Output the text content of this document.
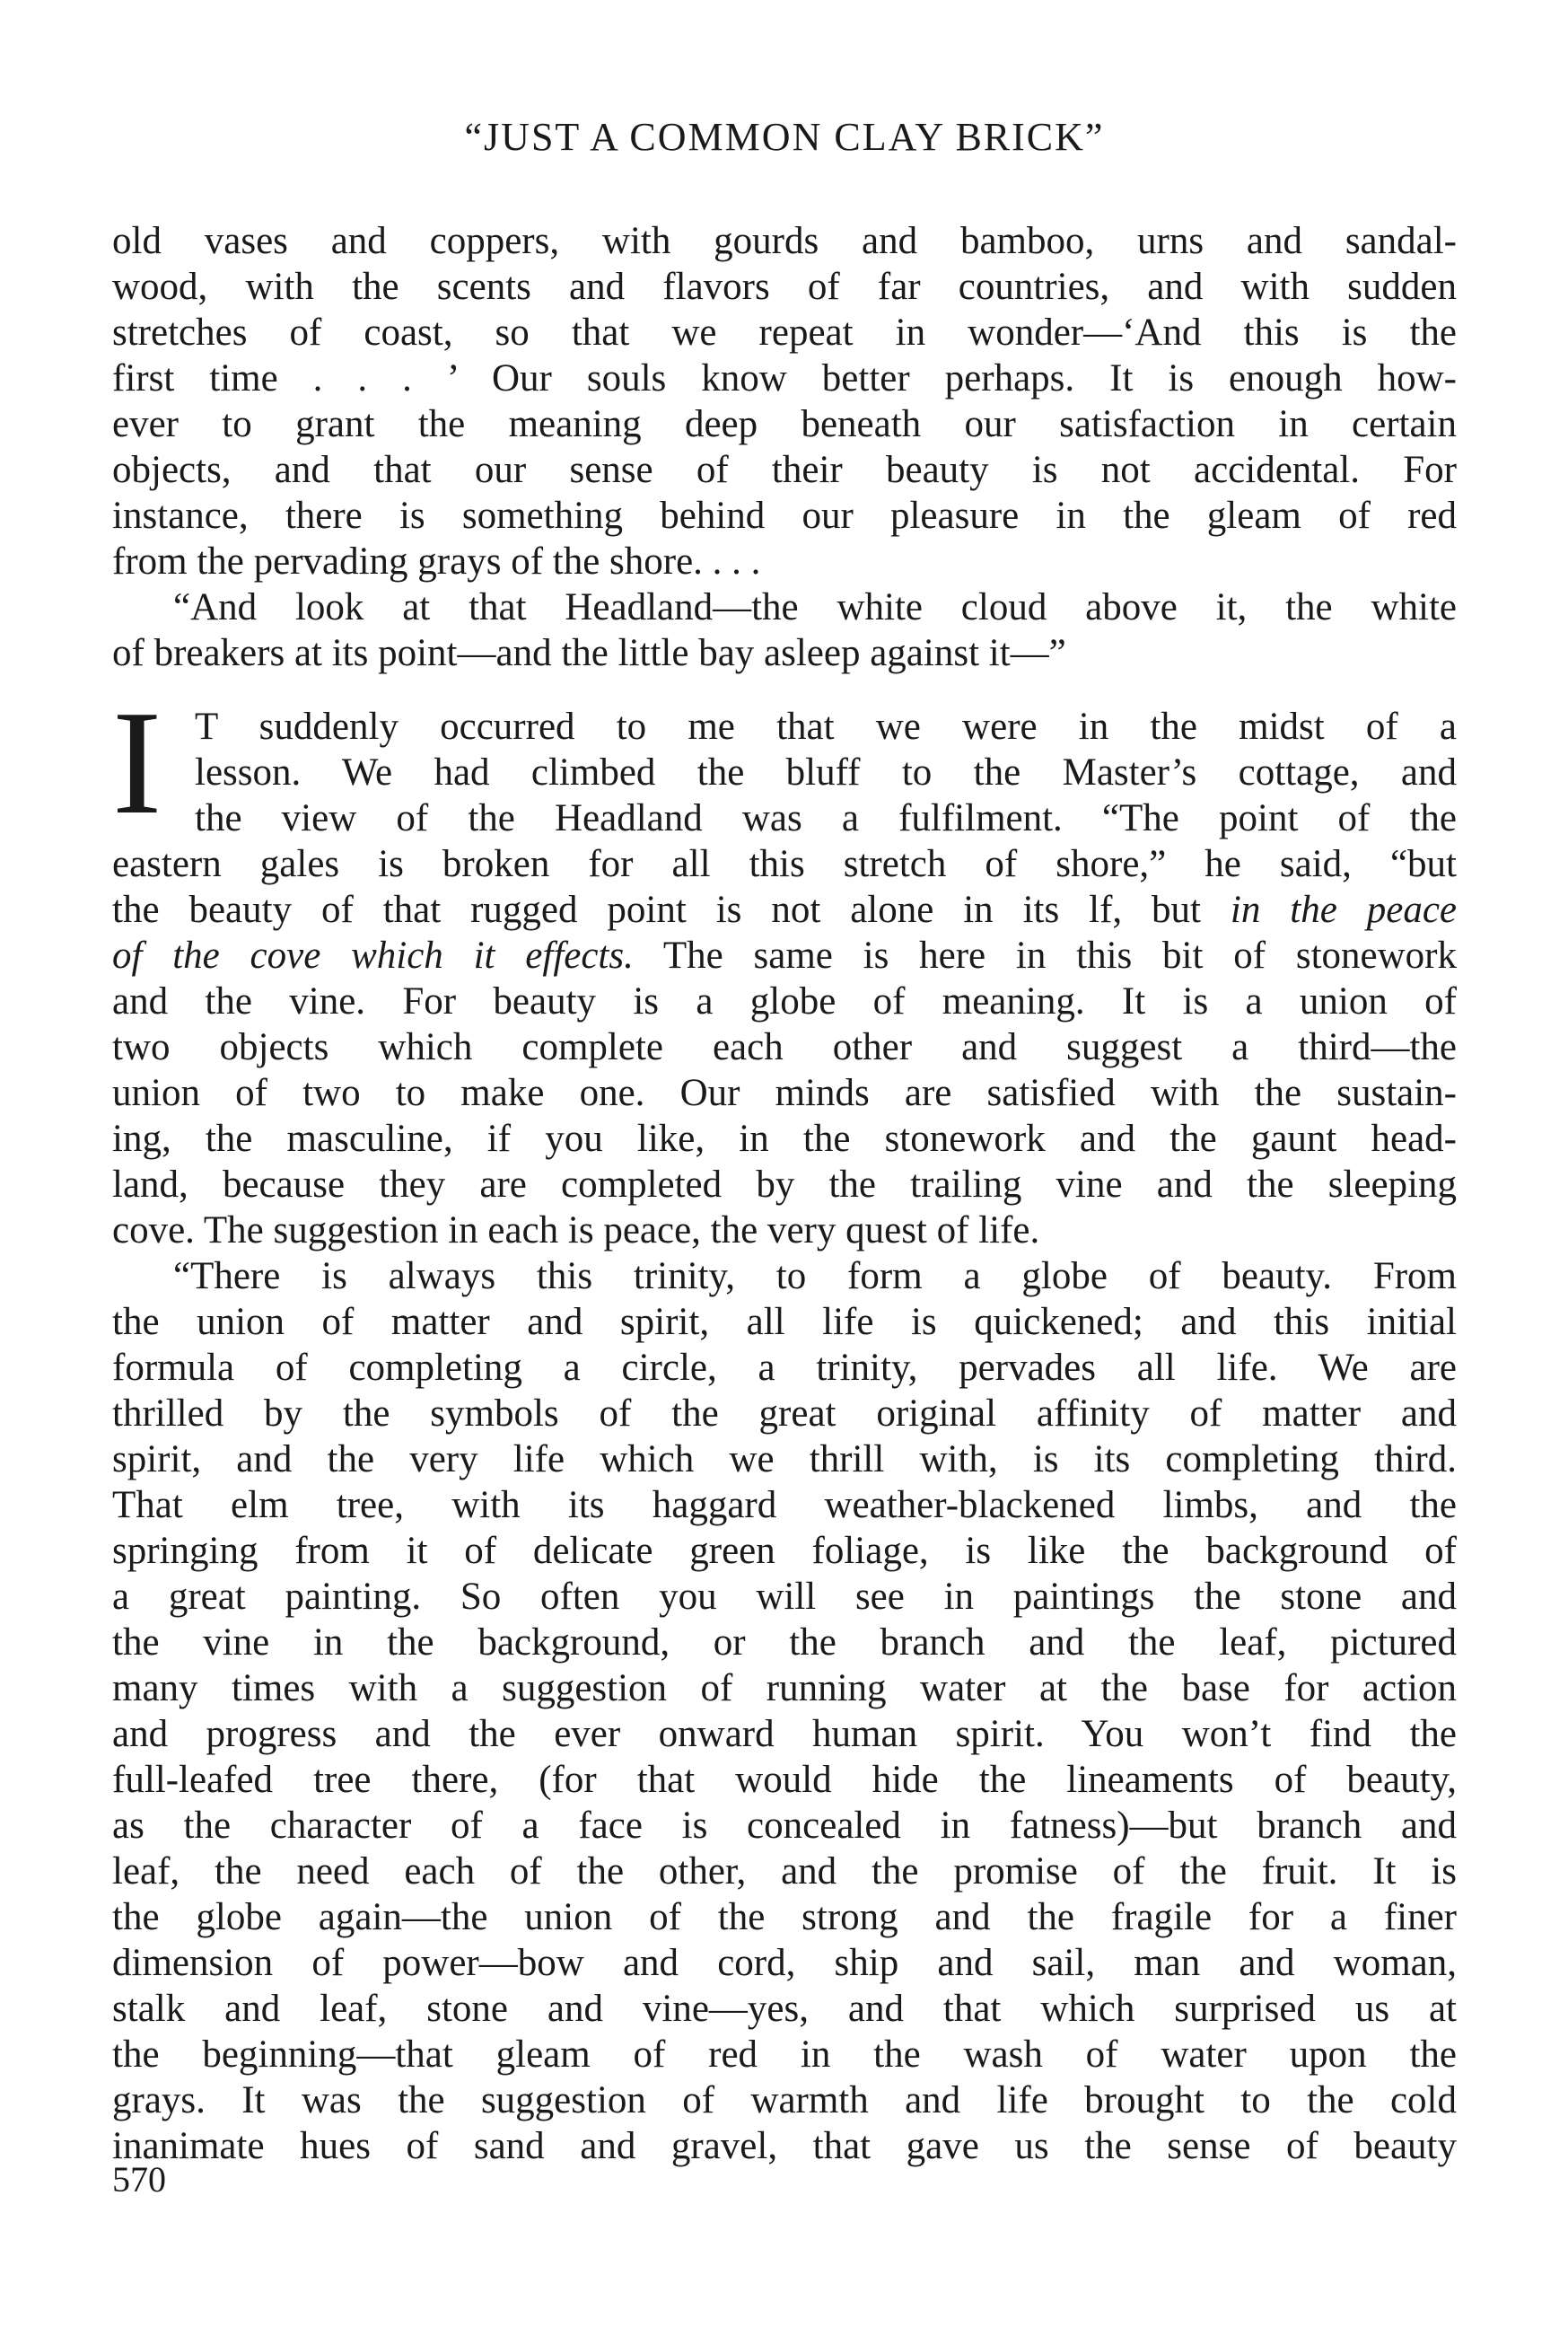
“JUST A COMMON CLAY BRICK”
old vases and coppers, with gourds and bamboo, urns and sandal-
wood, with the scents and flavors of far countries, and with sudden
stretches of coast, so that we repeat in wonder—‘And this is the
first time . . . ’ Our souls know better perhaps. It is enough how-
ever to grant the meaning deep beneath our satisfaction in certain
objects, and that our sense of their beauty is not accidental. For
instance, there is something behind our pleasure in the gleam of red
from the pervading grays of the shore. . . .
“And look at that Headland—the white cloud above it, the white
of breakers at its point—and the little bay asleep against it—”
I T suddenly occurred to me that we were in the midst of a
lesson. We had climbed the bluff to the Master’s cottage, and
the view of the Headland was a fulfilment. “The point of the
eastern gales is broken for all this stretch of shore,” he said, “but
the beauty of that rugged point is not alone in its lf, but in the peace
of the cove which it effects. The same is here in this bit of stonework
and the vine. For beauty is a globe of meaning. It is a union of
two objects which complete each other and suggest a third—the
union of two to make one. Our minds are satisfied with the sustain-
ing, the masculine, if you like, in the stonework and the gaunt head-
land, because they are completed by the trailing vine and the sleeping
cove. The suggestion in each is peace, the very quest of life.
“There is always this trinity, to form a globe of beauty. From
the union of matter and spirit, all life is quickened; and this initial
formula of completing a circle, a trinity, pervades all life. We are
thrilled by the symbols of the great original affinity of matter and
spirit, and the very life which we thrill with, is its completing third.
That elm tree, with its haggard weather-blackened limbs, and the
springing from it of delicate green foliage, is like the background of
a great painting. So often you will see in paintings the stone and
the vine in the background, or the branch and the leaf, pictured
many times with a suggestion of running water at the base for action
and progress and the ever onward human spirit. You won’t find the
full-leafed tree there, (for that would hide the lineaments of beauty,
as the character of a face is concealed in fatness)—but branch and
leaf, the need each of the other, and the promise of the fruit. It is
the globe again—the union of the strong and the fragile for a finer
dimension of power—bow and cord, ship and sail, man and woman,
stalk and leaf, stone and vine—yes, and that which surprised us at
the beginning—that gleam of red in the wash of water upon the
grays. It was the suggestion of warmth and life brought to the cold
inanimate hues of sand and gravel, that gave us the sense of beauty
570
